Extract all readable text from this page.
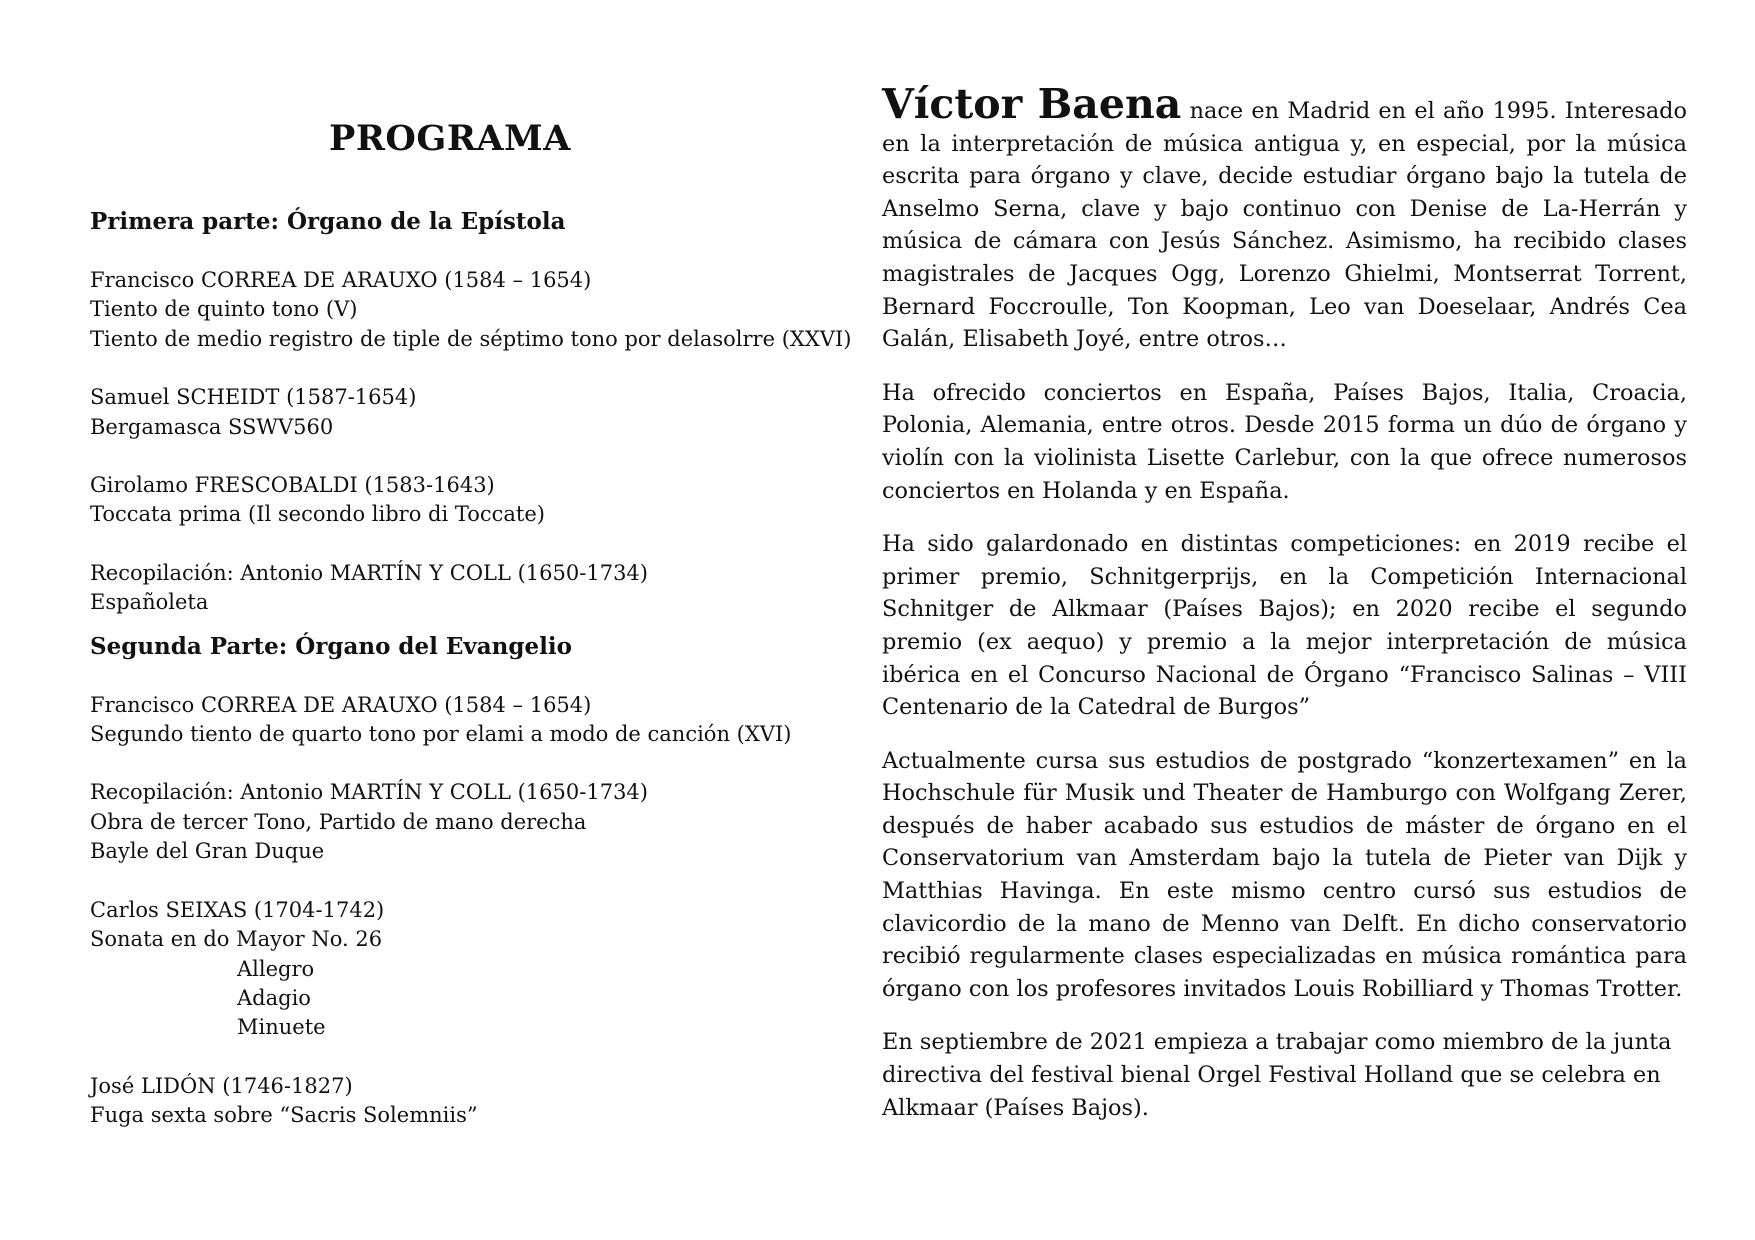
PROGRAMA
Primera parte: Órgano de la Epístola
Francisco CORREA DE ARAUXO (1584 – 1654)
Tiento de quinto tono (V)
Tiento de medio registro de tiple de séptimo tono por delasolrre (XXVI)
Samuel SCHEIDT (1587-1654)
Bergamasca SSWV560
Girolamo FRESCOBALDI (1583-1643)
Toccata prima (Il secondo libro di Toccate)
Recopilación: Antonio MARTÍN Y COLL (1650-1734)
Españoleta
Segunda Parte: Órgano del Evangelio
Francisco CORREA DE ARAUXO (1584 – 1654)
Segundo tiento de quarto tono por elami a modo de canción (XVI)
Recopilación: Antonio MARTÍN Y COLL (1650-1734)
Obra de tercer Tono, Partido de mano derecha
Bayle del Gran Duque
Carlos SEIXAS (1704-1742)
Sonata en do Mayor No. 26
Allegro
Adagio
Minuete
José LIDÓN (1746-1827)
Fuga sexta sobre “Sacris Solemniis”

Víctor Baena nace en Madrid en el año 1995. Interesado en la interpretación de música antigua y, en especial, por la música escrita para órgano y clave, decide estudiar órgano bajo la tutela de Anselmo Serna, clave y bajo continuo con Denise de La-Herrán y música de cámara con Jesús Sánchez. Asimismo, ha recibido clases magistrales de Jacques Ogg, Lorenzo Ghielmi, Montserrat Torrent, Bernard Foccroulle, Ton Koopman, Leo van Doeselaar, Andrés Cea Galán, Elisabeth Joyé, entre otros…

Ha ofrecido conciertos en España, Países Bajos, Italia, Croacia, Polonia, Alemania, entre otros. Desde 2015 forma un dúo de órgano y violín con la violinista Lisette Carlebur, con la que ofrece numerosos conciertos en Holanda y en España.

Ha sido galardonado en distintas competiciones: en 2019 recibe el primer premio, Schnitgerprijs, en la Competición Internacional Schnitger de Alkmaar (Países Bajos); en 2020 recibe el segundo premio (ex aequo) y premio a la mejor interpretación de música ibérica en el Concurso Nacional de Órgano “Francisco Salinas – VIII Centenario de la Catedral de Burgos”

Actualmente cursa sus estudios de postgrado “konzertexamen” en la Hochschule für Musik und Theater de Hamburgo con Wolfgang Zerer, después de haber acabado sus estudios de máster de órgano en el Conservatorium van Amsterdam bajo la tutela de Pieter van Dijk y Matthias Havinga. En este mismo centro cursó sus estudios de clavicordio de la mano de Menno van Delft. En dicho conservatorio recibió regularmente clases especializadas en música romántica para órgano con los profesores invitados Louis Robilliard y Thomas Trotter.

En septiembre de 2021 empieza a trabajar como miembro de la junta directiva del festival bienal Orgel Festival Holland que se celebra en Alkmaar (Países Bajos).
